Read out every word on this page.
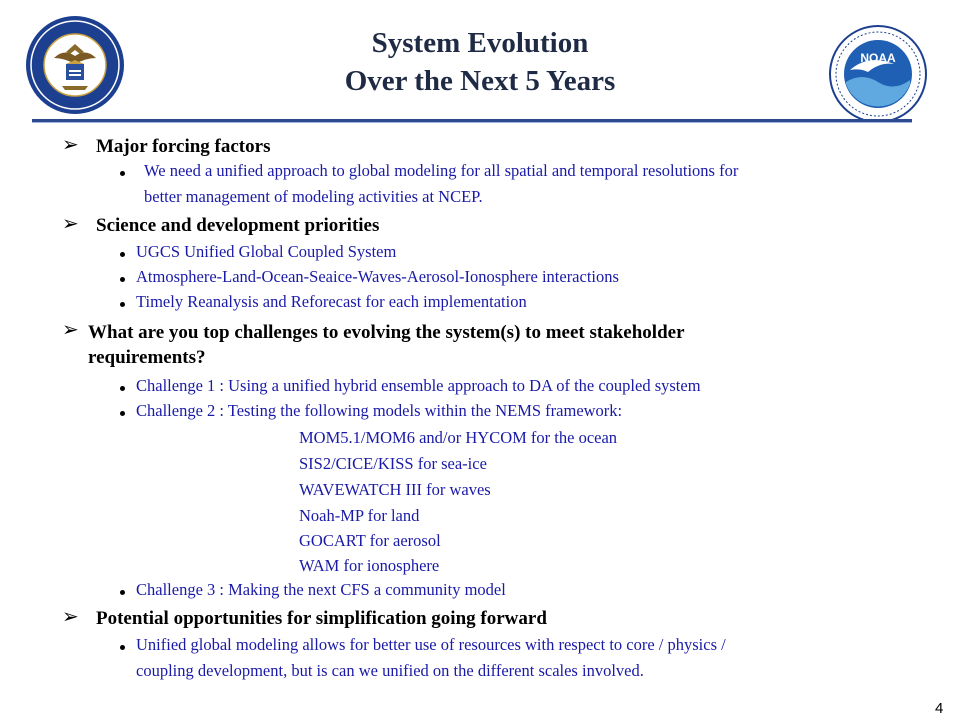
System Evolution
Over the Next 5 Years
NOAA
➢ Major forcing factors
We need a unified approach to global modeling for all spatial and temporal resolutions for
better management of modeling activities at NCEP.
➢ Science and development priorities
UGCS Unified Global Coupled System
Atmosphere-Land-Ocean-Seaice-Waves-Aerosol-Ionosphere interactions
Timely Reanalysis and Reforecast for each implementation
➢ What are you top challenges to evolving the system(s) to meet stakeholder
requirements?
Challenge 1 : Using a unified hybrid ensemble approach to DA of the coupled system
Challenge 2 : Testing the following models within the NEMS framework:
MOM5.1/MOM6 and/or HYCOM for the ocean
SIS2/CICE/KISS for sea-ice
WAVEWATCH III for waves
Noah-MP for land
GOCART for aerosol
WAM for ionosphere
Challenge 3 : Making the next CFS a community model
➢ Potential opportunities for simplification going forward
Unified global modeling allows for better use of resources with respect to core / physics /
coupling development, but is can we unified on the different scales involved.
4
